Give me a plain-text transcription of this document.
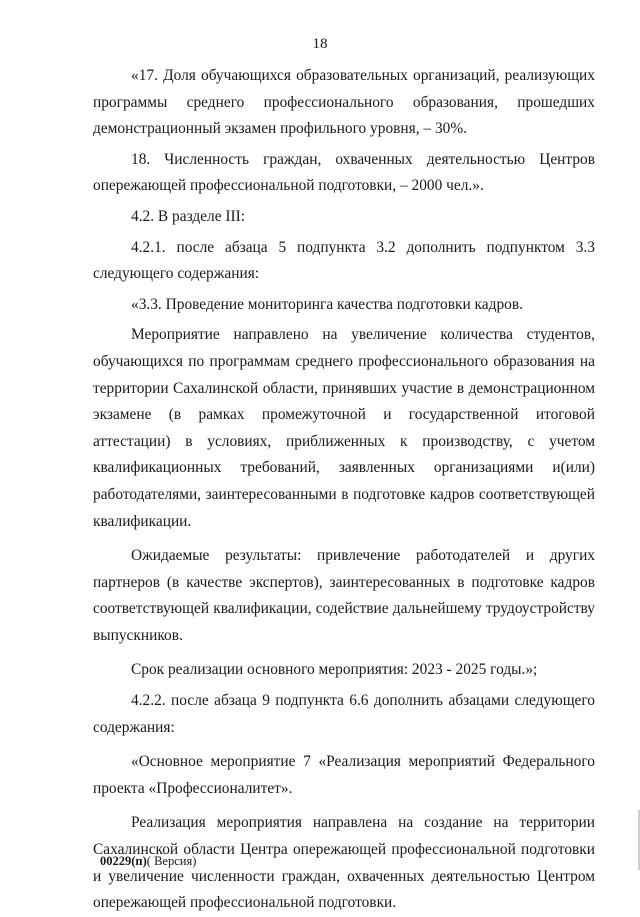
18

«17. Доля обучающихся образовательных организаций, реализующих программы среднего профессионального образования, прошедших демонстрационный экзамен профильного уровня, – 30%.

18. Численность граждан, охваченных деятельностью Центров опережающей профессиональной подготовки, – 2000 чел.».

4.2. В разделе III:

4.2.1. после абзаца 5 подпункта 3.2 дополнить подпунктом 3.3 следующего содержания:

«3.3. Проведение мониторинга качества подготовки кадров.

Мероприятие направлено на увеличение количества студентов, обучающихся по программам среднего профессионального образования на территории Сахалинской области, принявших участие в демонстрационном экзамене (в рамках промежуточной и государственной итоговой аттестации) в условиях, приближенных к производству, с учетом квалификационных требований, заявленных организациями и(или) работодателями, заинтересованными в подготовке кадров соответствующей квалификации.

Ожидаемые результаты: привлечение работодателей и других партнеров (в качестве экспертов), заинтересованных в подготовке кадров соответствующей квалификации, содействие дальнейшему трудоустройству выпускников.

Срок реализации основного мероприятия: 2023 - 2025 годы.»;

4.2.2. после абзаца 9 подпункта 6.6 дополнить абзацами следующего содержания:

«Основное мероприятие 7 «Реализация мероприятий Федерального проекта «Профессионалитет».

Реализация мероприятия направлена на создание на территории Сахалинской области Центра опережающей профессиональной подготовки и увеличение численности граждан, охваченных деятельностью Центром опережающей профессиональной подготовки.

00229(п)( Версия)
